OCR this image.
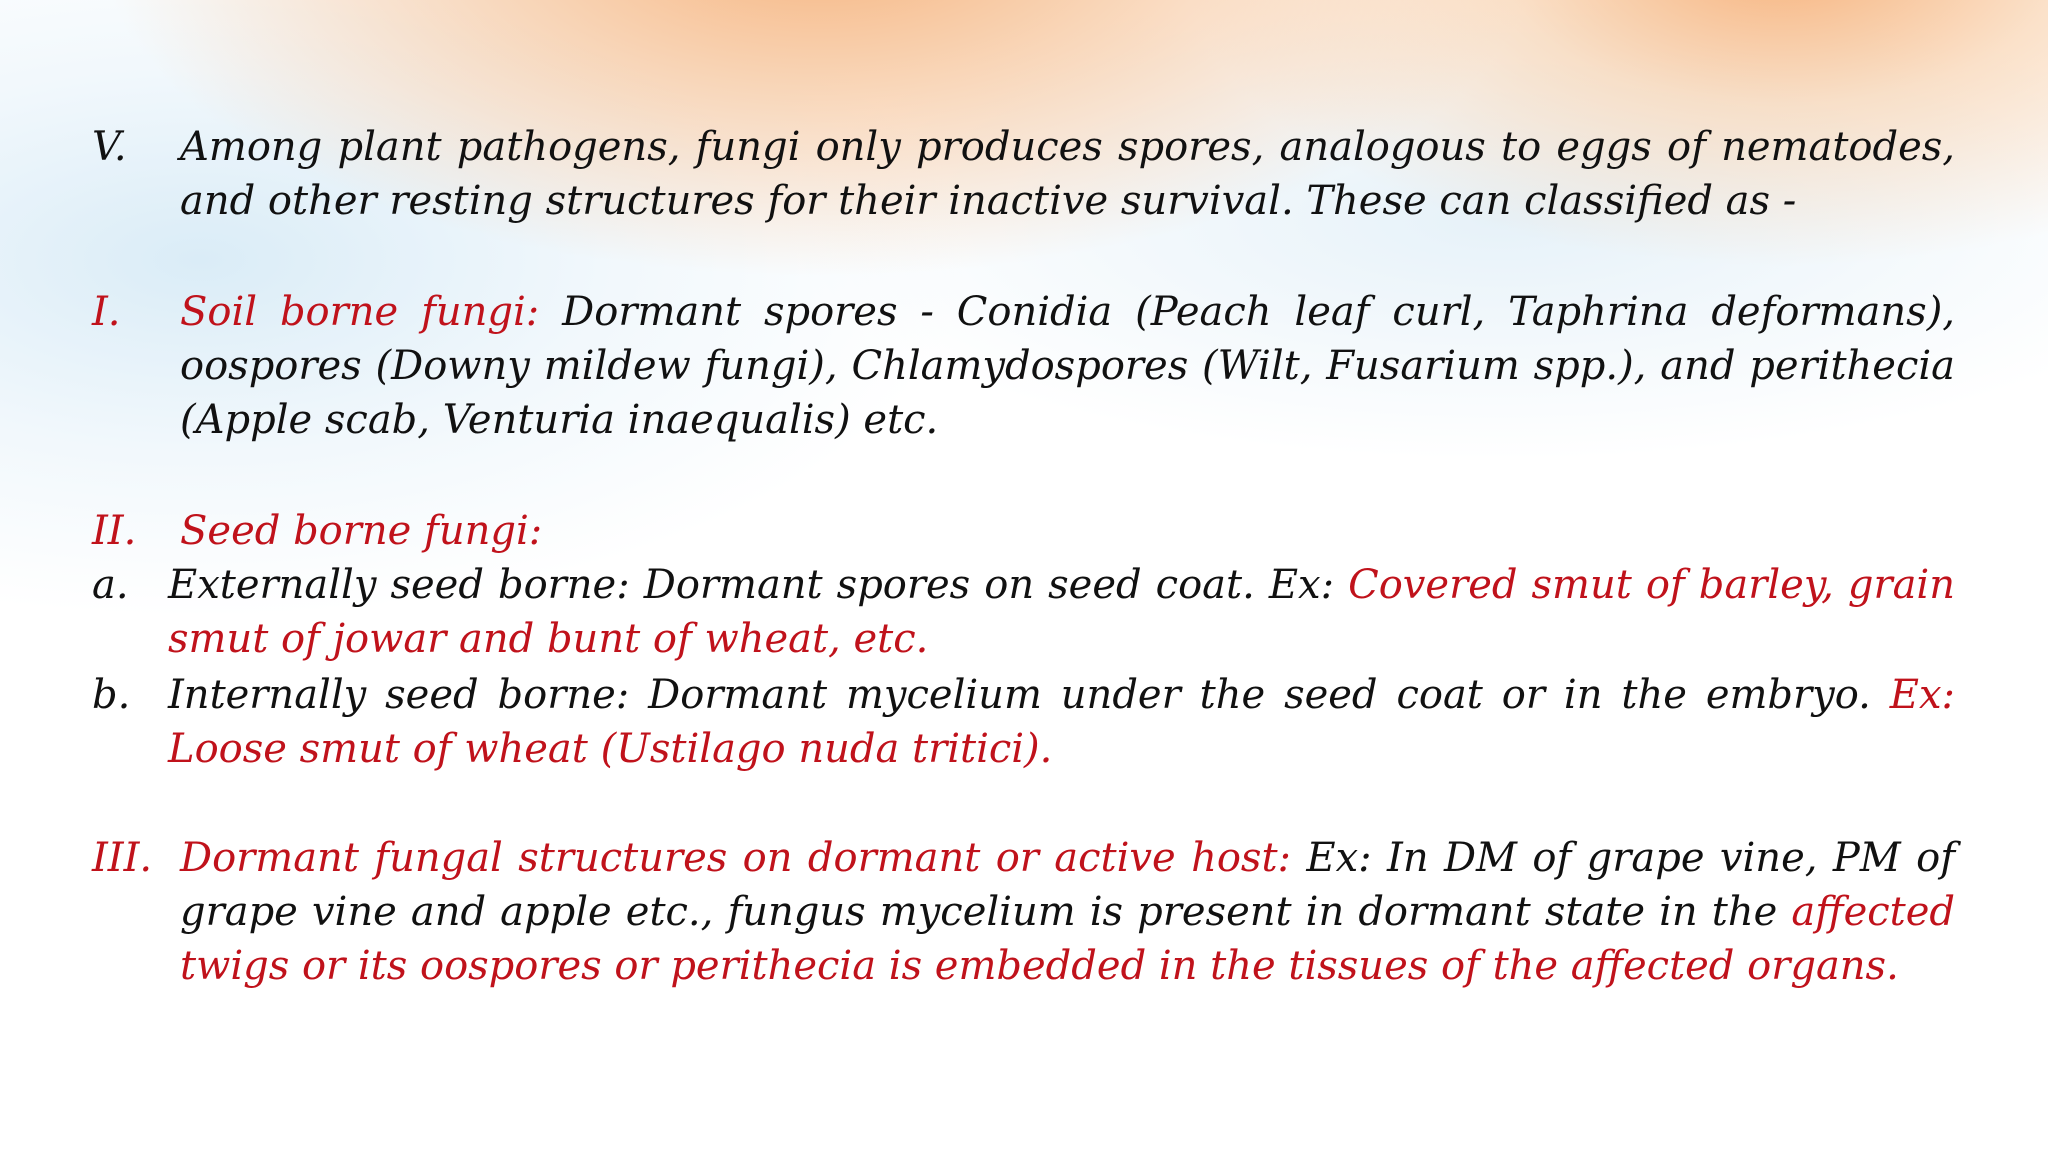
V. Among plant pathogens, fungi only produces spores, analogous to eggs of nematodes, and other resting structures for their inactive survival. These can classified as -
I. Soil borne fungi: Dormant spores - Conidia (Peach leaf curl, Taphrina deformans), oospores (Downy mildew fungi), Chlamydospores (Wilt, Fusarium spp.), and perithecia (Apple scab, Venturia inaequalis) etc.
II. Seed borne fungi:
a. Externally seed borne: Dormant spores on seed coat. Ex: Covered smut of barley, grain smut of jowar and bunt of wheat, etc.
b. Internally seed borne: Dormant mycelium under the seed coat or in the embryo. Ex: Loose smut of wheat (Ustilago nuda tritici).
III. Dormant fungal structures on dormant or active host: Ex: In DM of grape vine, PM of grape vine and apple etc., fungus mycelium is present in dormant state in the affected twigs or its oospores or perithecia is embedded in the tissues of the affected organs.
